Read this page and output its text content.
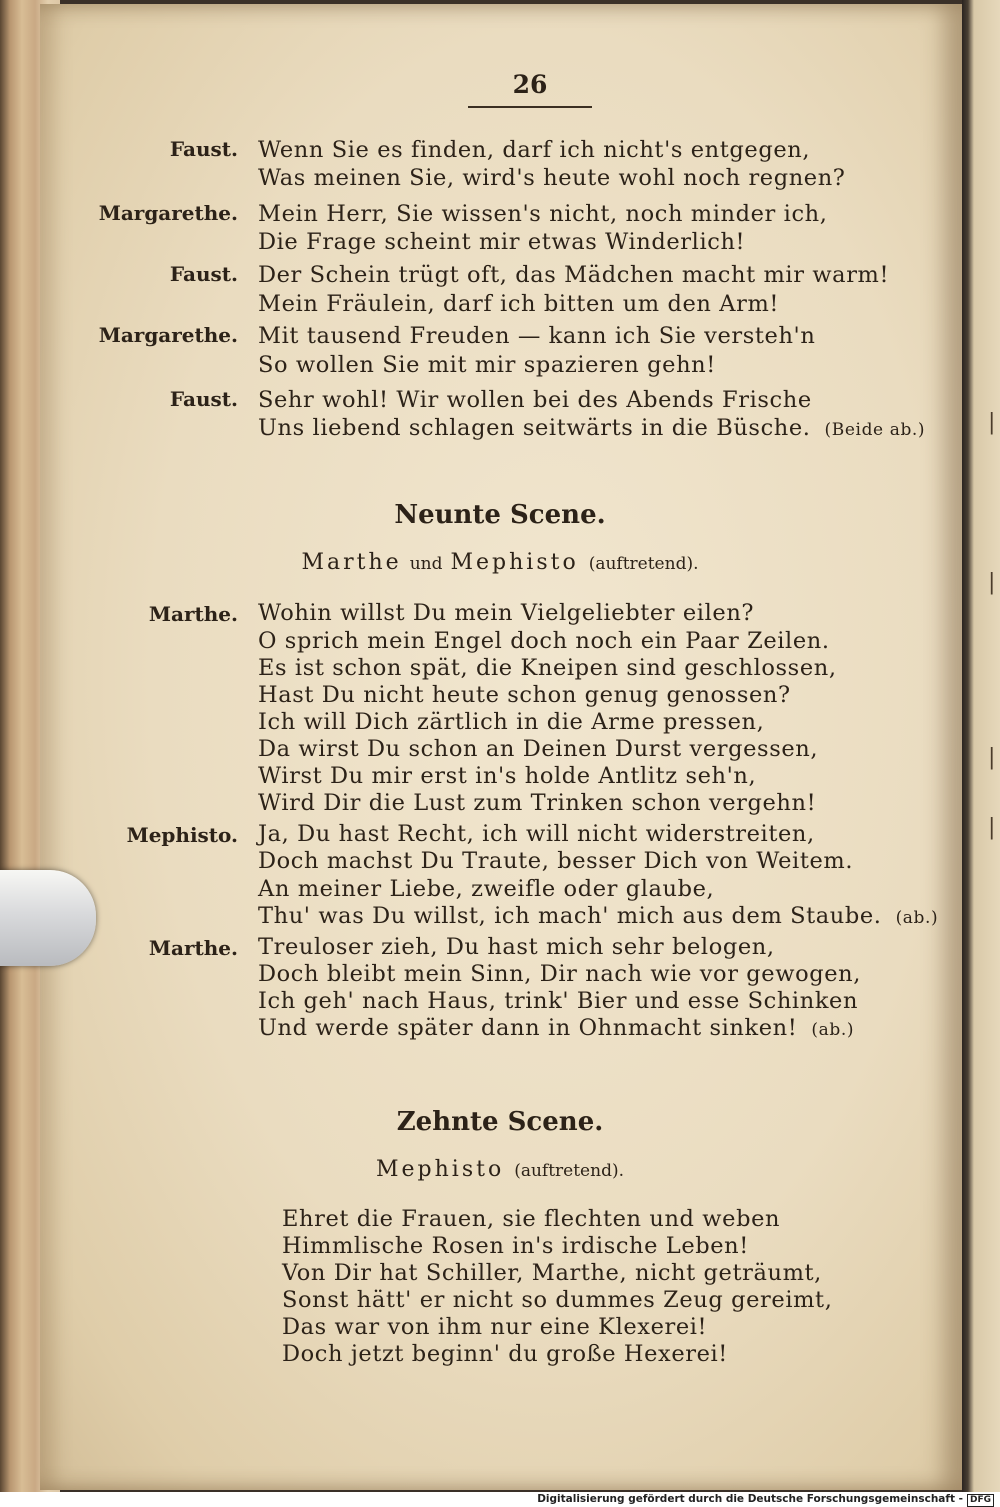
|
|
|
|
26
Faust. Wenn Sie es finden, darf ich nicht's entgegen,
Was meinen Sie, wird's heute wohl noch regnen?
Margarethe. Mein Herr, Sie wissen's nicht, noch minder ich,
Die Frage scheint mir etwas Winderlich!
Faust. Der Schein trügt oft, das Mädchen macht mir warm!
Mein Fräulein, darf ich bitten um den Arm!
Margarethe. Mit tausend Freuden — kann ich Sie versteh'n
So wollen Sie mit mir spazieren gehn!
Faust. Sehr wohl! Wir wollen bei des Abends Frische
Uns liebend schlagen seitwärts in die Büsche. (Beide ab.)
Neunte Scene.
Marthe und Mephisto (auftretend).
Marthe. Wohin willst Du mein Vielgeliebter eilen?
O sprich mein Engel doch noch ein Paar Zeilen.
Es ist schon spät, die Kneipen sind geschlossen,
Hast Du nicht heute schon genug genossen?
Ich will Dich zärtlich in die Arme pressen,
Da wirst Du schon an Deinen Durst vergessen,
Wirst Du mir erst in's holde Antlitz seh'n,
Wird Dir die Lust zum Trinken schon vergehn!
Mephisto. Ja, Du hast Recht, ich will nicht widerstreiten,
Doch machst Du Traute, besser Dich von Weitem.
An meiner Liebe, zweifle oder glaube,
Thu' was Du willst, ich mach' mich aus dem Staube. (ab.)
Marthe. Treuloser zieh, Du hast mich sehr belogen,
Doch bleibt mein Sinn, Dir nach wie vor gewogen,
Ich geh' nach Haus, trink' Bier und esse Schinken
Und werde später dann in Ohnmacht sinken! (ab.)
Zehnte Scene.
Mephisto (auftretend).
Ehret die Frauen, sie flechten und weben
Himmlische Rosen in's irdische Leben!
Von Dir hat Schiller, Marthe, nicht geträumt,
Sonst hätt' er nicht so dummes Zeug gereimt,
Das war von ihm nur eine Klexerei!
Doch jetzt beginn' du große Hexerei!
Digitalisierung gefördert durch die Deutsche Forschungsgemeinschaft - DFG
